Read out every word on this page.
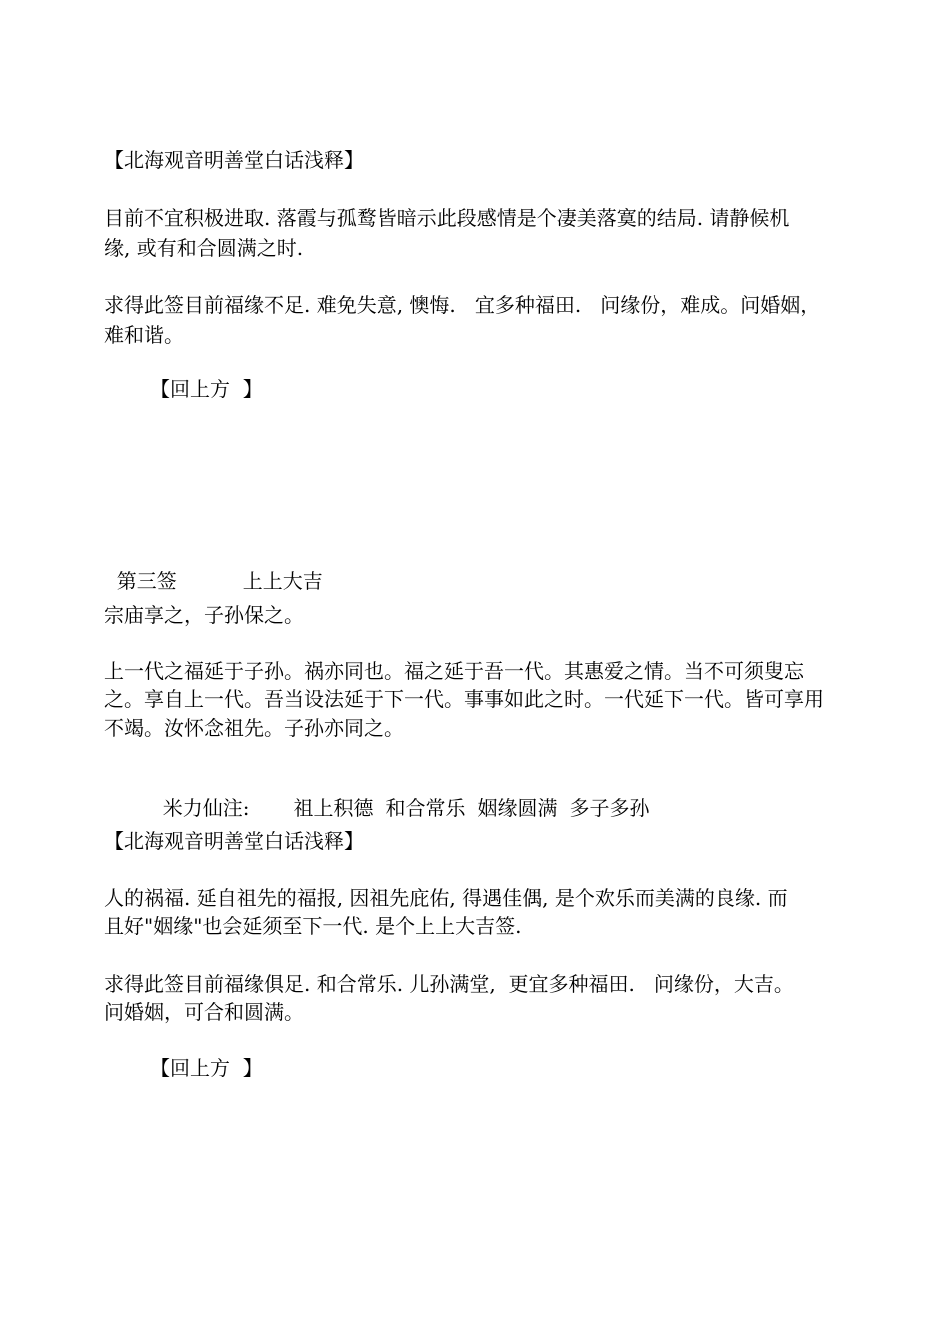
【北海观音明善堂白话浅释】

目前不宜积极进取. 落霞与孤鹜皆暗示此段感情是个凄美落寞的结局. 请静候机

缘, 或有和合圆满之时.

求得此签目前福缘不足. 难免失意, 懊悔.   宜多种福田.   问缘份，难成。问婚姻，

难和谐。

【回上方  】

第三签	上上大吉

宗庙享之，子孙保之。

上一代之福延于子孙。祸亦同也。福之延于吾一代。其惠爱之情。当不可须叟忘

之。享自上一代。吾当设法延于下一代。事事如此之时。一代延下一代。皆可享用

不竭。汝怀念祖先。子孙亦同之。

米力仙注: 祖上积德 和合常乐 姻缘圆满 多子多孙

【北海观音明善堂白话浅释】

人的祸福. 延自祖先的福报, 因祖先庇佑, 得遇佳偶, 是个欢乐而美满的良缘. 而

且好"姻缘"也会延须至下一代. 是个上上大吉签.

求得此签目前福缘俱足. 和合常乐. 儿孙满堂,  更宜多种福田.   问缘份，大吉。

问婚姻，可合和圆满。

【回上方  】
